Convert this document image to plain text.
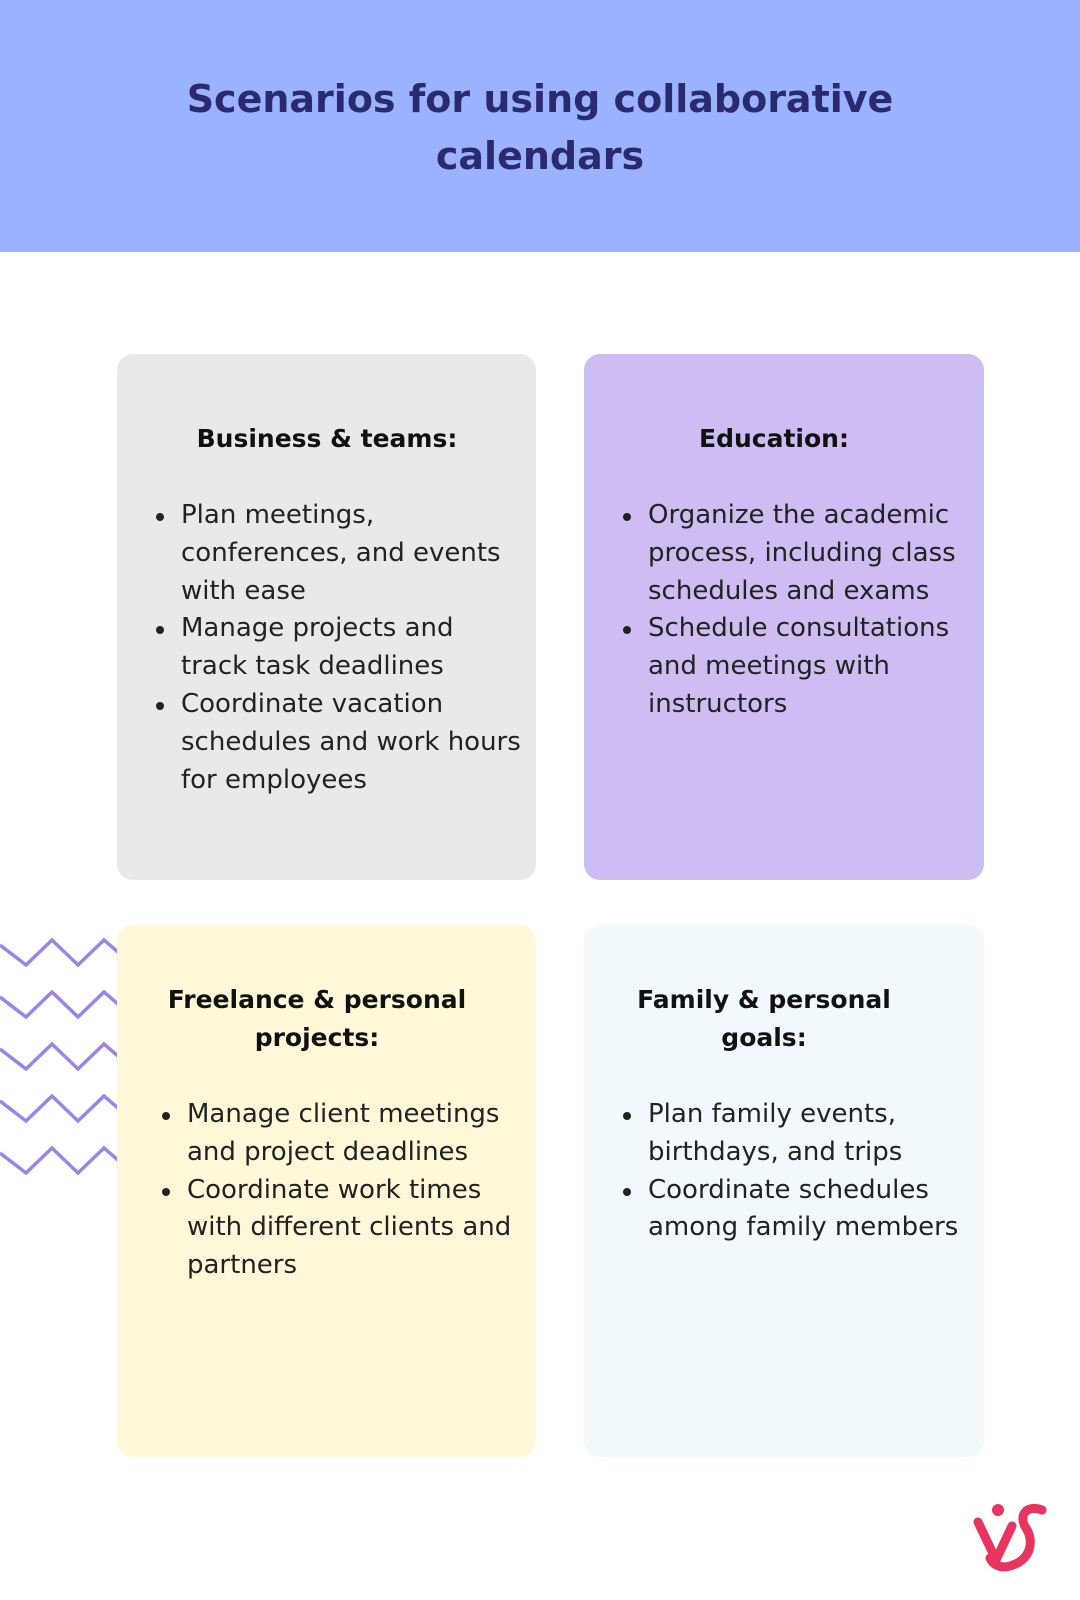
Scenarios for using collaborative calendars
Business & teams:
Plan meetings, conferences, and events with ease
Manage projects and track task deadlines
Coordinate vacation schedules and work hours for employees
Education:
Organize the academic process, including class schedules and exams
Schedule consultations and meetings with instructors
Freelance & personal projects:
Manage client meetings and project deadlines
Coordinate work times with different clients and partners
Family & personal goals:
Plan family events, birthdays, and trips
Coordinate schedules among family members
